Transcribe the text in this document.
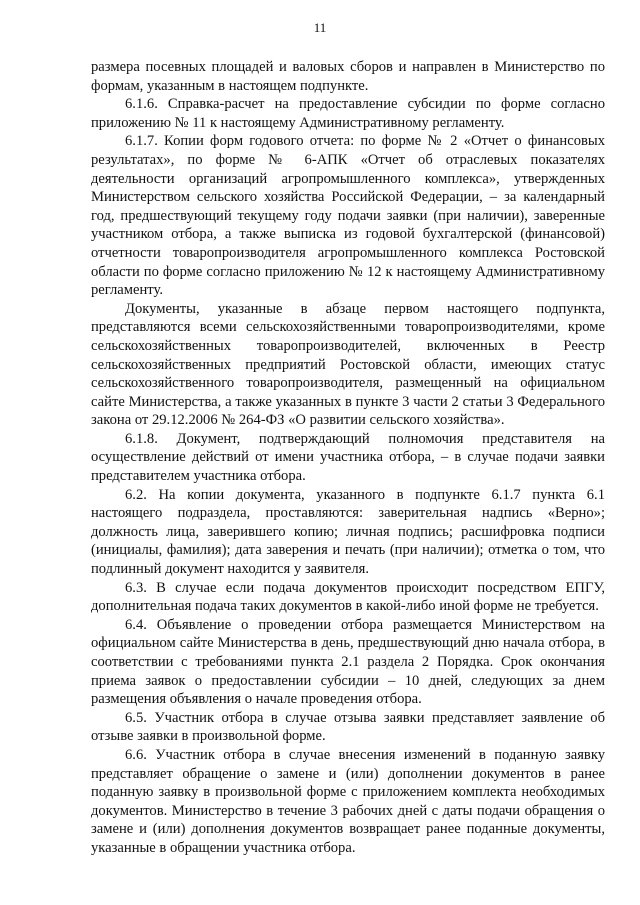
11

размера посевных площадей и валовых сборов и направлен в Министерство по формам, указанным в настоящем подпункте.

6.1.6. Справка-расчет на предоставление субсидии по форме согласно приложению № 11 к настоящему Административному регламенту.

6.1.7. Копии форм годового отчета: по форме № 2 «Отчет о финансовых результатах», по форме № 6-АПК «Отчет об отраслевых показателях деятельности организаций агропромышленного комплекса», утвержденных Министерством сельского хозяйства Российской Федерации, – за календарный год, предшествующий текущему году подачи заявки (при наличии), заверенные участником отбора, а также выписка из годовой бухгалтерской (финансовой) отчетности товаропроизводителя агропромышленного комплекса Ростовской области по форме согласно приложению № 12 к настоящему Административному регламенту.

Документы, указанные в абзаце первом настоящего подпункта, представляются всеми сельскохозяйственными товаропроизводителями, кроме сельскохозяйственных товаропроизводителей, включенных в Реестр сельскохозяйственных предприятий Ростовской области, имеющих статус сельскохозяйственного товаропроизводителя, размещенный на официальном сайте Министерства, а также указанных в пункте 3 части 2 статьи 3 Федерального закона от 29.12.2006 № 264-ФЗ «О развитии сельского хозяйства».

6.1.8. Документ, подтверждающий полномочия представителя на осуществление действий от имени участника отбора, – в случае подачи заявки представителем участника отбора.

6.2. На копии документа, указанного в подпункте 6.1.7 пункта 6.1 настоящего подраздела, проставляются: заверительная надпись «Верно»; должность лица, заверившего копию; личная подпись; расшифровка подписи (инициалы, фамилия); дата заверения и печать (при наличии); отметка о том, что подлинный документ находится у заявителя.

6.3. В случае если подача документов происходит посредством ЕПГУ, дополнительная подача таких документов в какой-либо иной форме не требуется.

6.4. Объявление о проведении отбора размещается Министерством на официальном сайте Министерства в день, предшествующий дню начала отбора, в соответствии с требованиями пункта 2.1 раздела 2 Порядка. Срок окончания приема заявок о предоставлении субсидии – 10 дней, следующих за днем размещения объявления о начале проведения отбора.

6.5. Участник отбора в случае отзыва заявки представляет заявление об отзыве заявки в произвольной форме.

6.6. Участник отбора в случае внесения изменений в поданную заявку представляет обращение о замене и (или) дополнении документов в ранее поданную заявку в произвольной форме с приложением комплекта необходимых документов. Министерство в течение 3 рабочих дней с даты подачи обращения о замене и (или) дополнения документов возвращает ранее поданные документы, указанные в обращении участника отбора.
